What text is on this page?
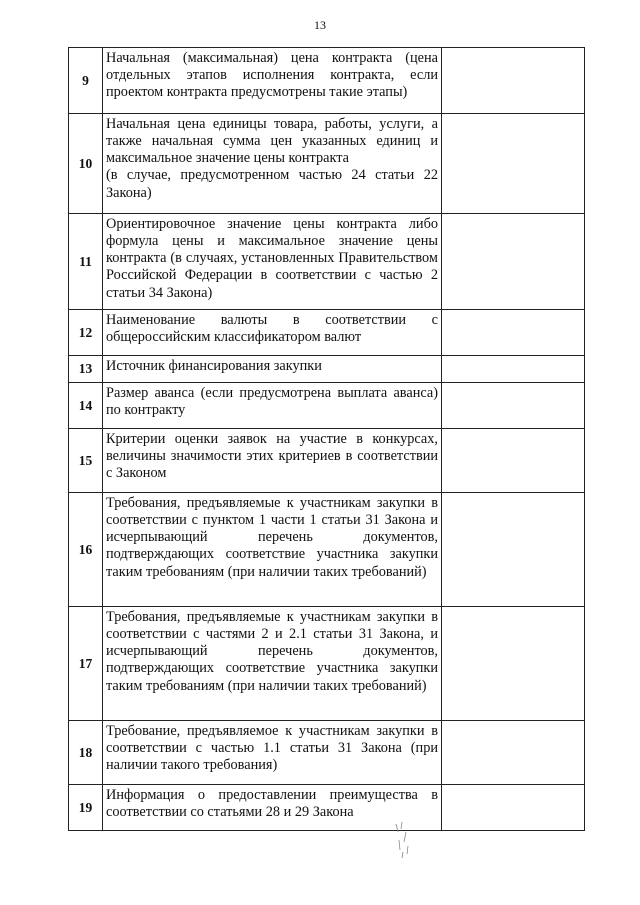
13
9	Начальная (максимальная) цена контракта (цена отдельных этапов исполнения контракта, если проектом контракта предусмотрены такие этапы)	
10	Начальная цена единицы товара, работы, услуги, а также начальная сумма цен указанных единиц и максимальное значение цены контракта
(в случае, предусмотренном частью 24 статьи 22 Закона)	
11	Ориентировочное значение цены контракта либо формула цены и максимальное значение цены контракта (в случаях, установленных Правительством Российской Федерации в соответствии с частью 2 статьи 34 Закона)	
12	Наименование валюты в соответствии с общероссийским классификатором валют	
13	Источник финансирования закупки	
14	Размер аванса (если предусмотрена выплата аванса) по контракту	
15	Критерии оценки заявок на участие в конкурсах, величины значимости этих критериев в соответствии с Законом	
16	Требования, предъявляемые к участникам закупки в соответствии с пунктом 1 части 1 статьи 31 Закона и исчерпывающий перечень документов, подтверждающих соответствие участника закупки таким требованиям (при наличии таких требований)	
17	Требования, предъявляемые к участникам закупки в соответствии с частями 2 и 2.1 статьи 31 Закона, и исчерпывающий перечень документов, подтверждающих соответствие участника закупки таким требованиям (при наличии таких требований)	
18	Требование, предъявляемое к участникам закупки в соответствии с частью 1.1 статьи 31 Закона (при наличии такого требования)	
19	Информация о предоставлении преимущества в соответствии со статьями 28 и 29 Закона	
